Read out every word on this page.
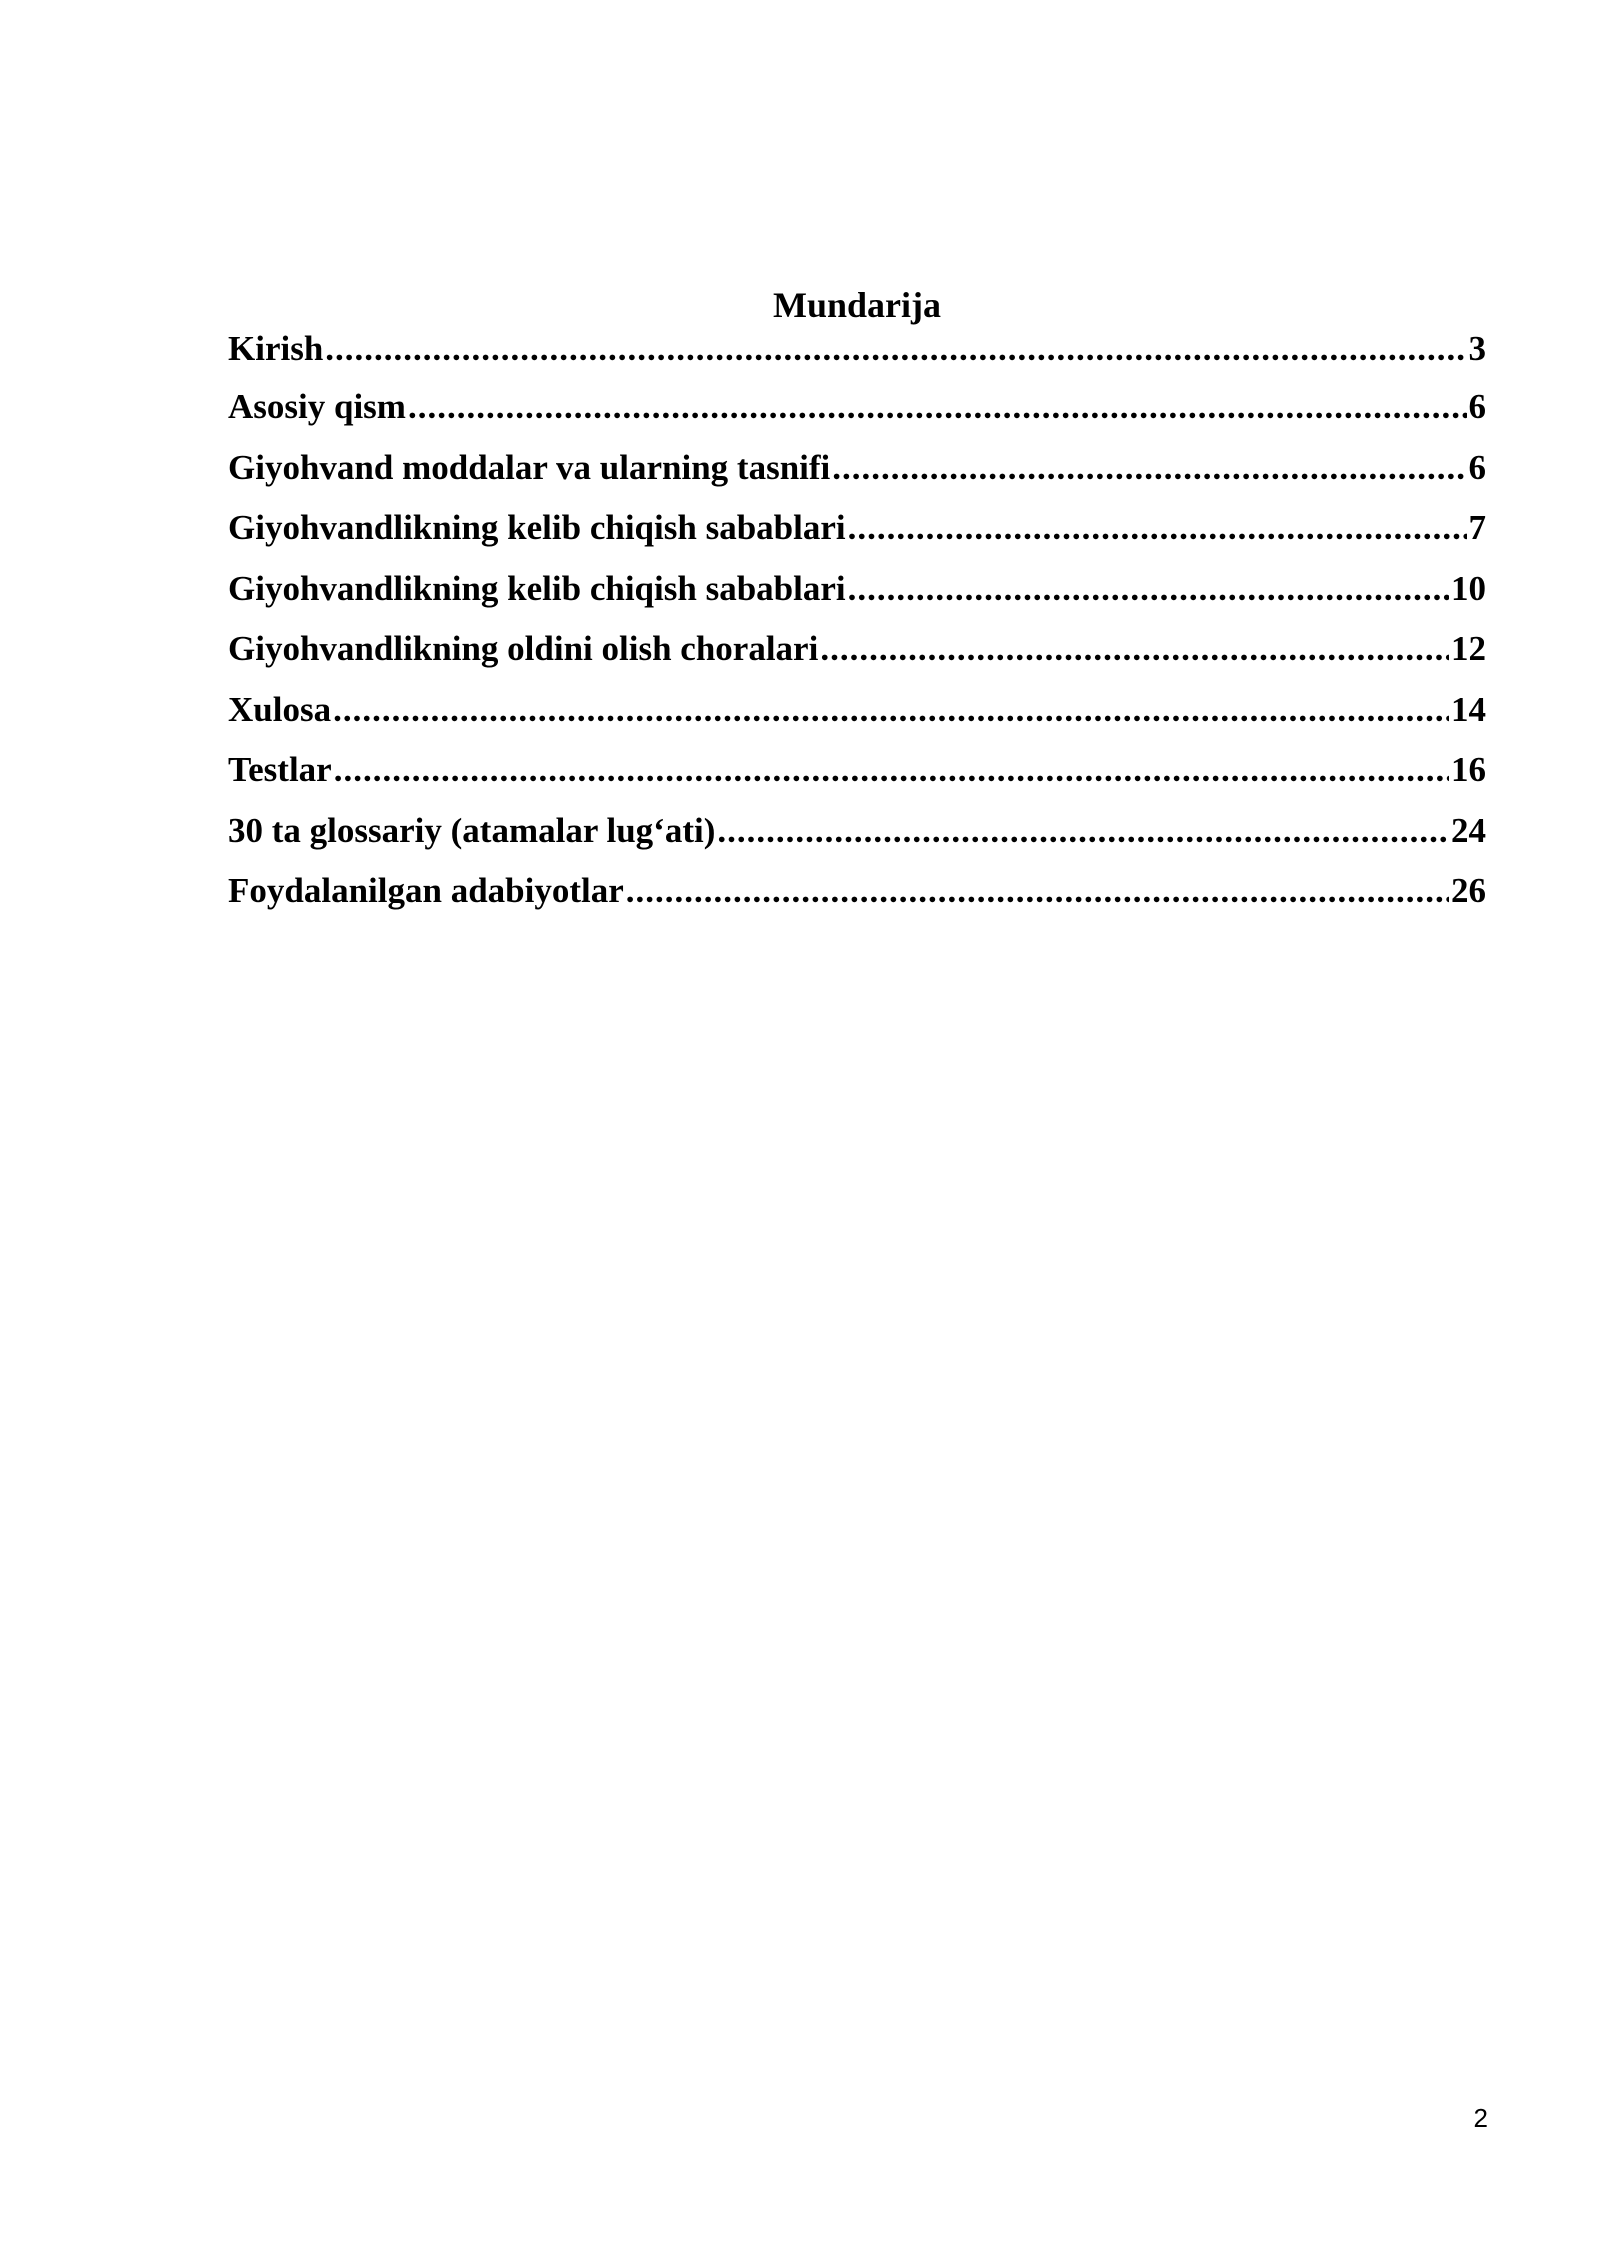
Mundarija
Kirish .....	3
Asosiy qism .....	6
Giyohvand moddalar va ularning tasnifi .....	6
Giyohvandlikning kelib chiqish sabablari .....	7
Giyohvandlikning kelib chiqish sabablari .....	10
Giyohvandlikning oldini olish choralari .....	12
Xulosa .....	14
Testlar .....	16
30 ta glossariy (atamalar lug‘ati) .....	24
Foydalanilgan adabiyotlar .....	26
2
